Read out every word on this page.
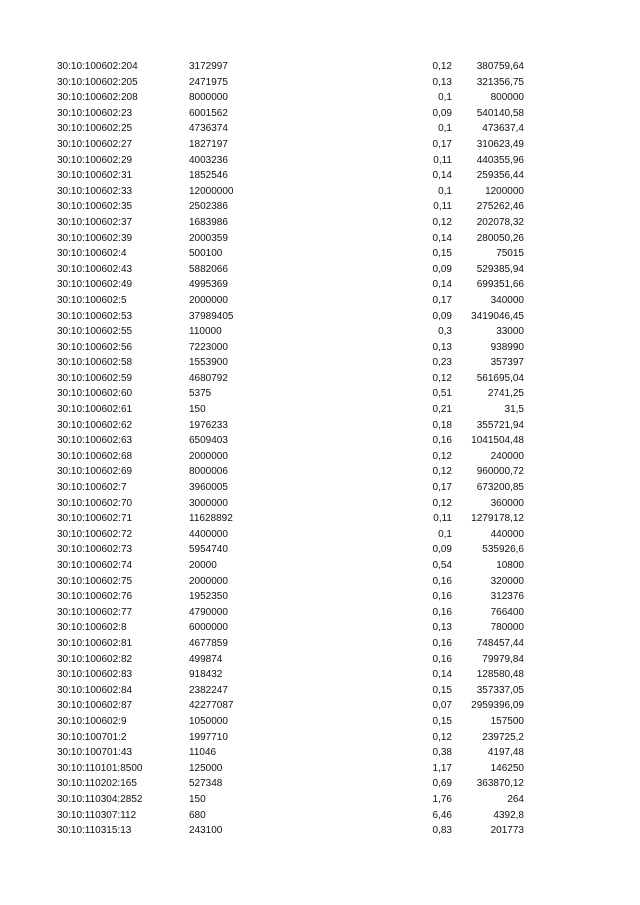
30:10:100602:204	3172997		0,12	380759,64
30:10:100602:205	2471975		0,13	321356,75
30:10:100602:208	8000000		0,1	800000
30:10:100602:23	6001562		0,09	540140,58
30:10:100602:25	4736374		0,1	473637,4
30:10:100602:27	1827197		0,17	310623,49
30:10:100602:29	4003236		0,11	440355,96
30:10:100602:31	1852546		0,14	259356,44
30:10:100602:33	12000000		0,1	1200000
30:10:100602:35	2502386		0,11	275262,46
30:10:100602:37	1683986		0,12	202078,32
30:10:100602:39	2000359		0,14	280050,26
30:10:100602:4	500100		0,15	75015
30:10:100602:43	5882066		0,09	529385,94
30:10:100602:49	4995369		0,14	699351,66
30:10:100602:5	2000000		0,17	340000
30:10:100602:53	37989405		0,09	3419046,45
30:10:100602:55	110000		0,3	33000
30:10:100602:56	7223000		0,13	938990
30:10:100602:58	1553900		0,23	357397
30:10:100602:59	4680792		0,12	561695,04
30:10:100602:60	5375		0,51	2741,25
30:10:100602:61	150		0,21	31,5
30:10:100602:62	1976233		0,18	355721,94
30:10:100602:63	6509403		0,16	1041504,48
30:10:100602:68	2000000		0,12	240000
30:10:100602:69	8000006		0,12	960000,72
30:10:100602:7	3960005		0,17	673200,85
30:10:100602:70	3000000		0,12	360000
30:10:100602:71	11628892		0,11	1279178,12
30:10:100602:72	4400000		0,1	440000
30:10:100602:73	5954740		0,09	535926,6
30:10:100602:74	20000		0,54	10800
30:10:100602:75	2000000		0,16	320000
30:10:100602:76	1952350		0,16	312376
30:10:100602:77	4790000		0,16	766400
30:10:100602:8	6000000		0,13	780000
30:10:100602:81	4677859		0,16	748457,44
30:10:100602:82	499874		0,16	79979,84
30:10:100602:83	918432		0,14	128580,48
30:10:100602:84	2382247		0,15	357337,05
30:10:100602:87	42277087		0,07	2959396,09
30:10:100602:9	1050000		0,15	157500
30:10:100701:2	1997710		0,12	239725,2
30:10:100701:43	11046		0,38	4197,48
30:10:110101:8500	125000		1,17	146250
30:10:110202:165	527348		0,69	363870,12
30:10:110304:2852	150		1,76	264
30:10:110307:112	680		6,46	4392,8
30:10:110315:13	243100		0,83	201773
